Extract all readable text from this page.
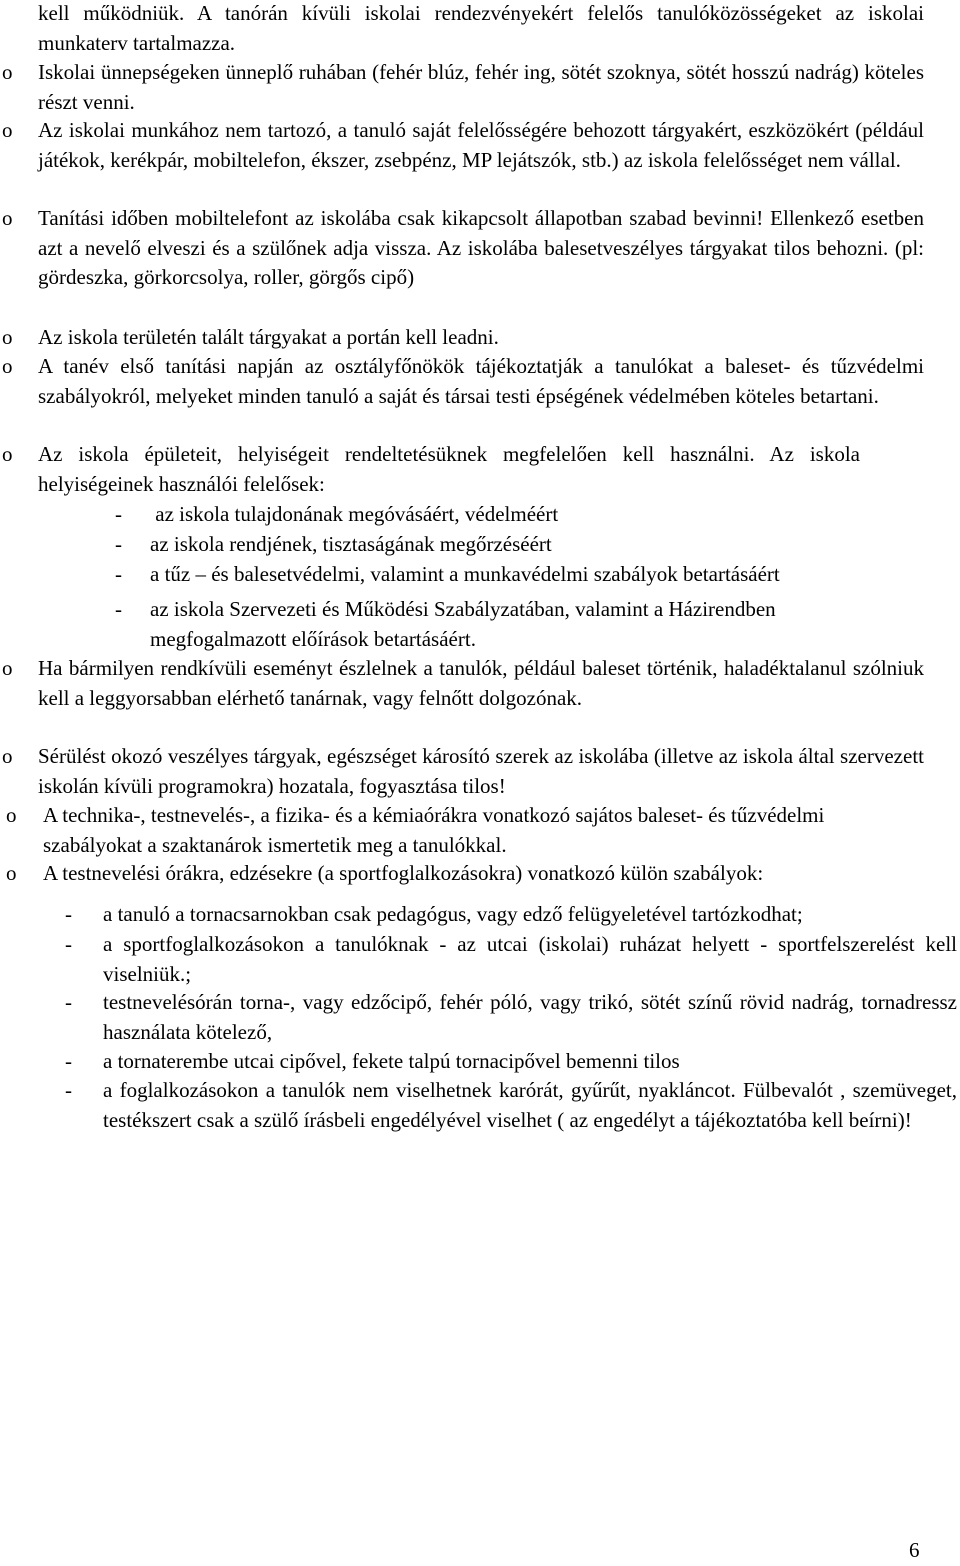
kell működniük. A tanórán kívüli iskolai rendezvényekért felelős tanulóközösségeket az iskolai munkaterv tartalmazza.

o Iskolai ünnepségeken ünneplő ruhában (fehér blúz, fehér ing, sötét szoknya, sötét hosszú nadrág) köteles részt venni.

o Az iskolai munkához nem tartozó, a tanuló saját felelősségére behozott tárgyakért, eszközökért (például játékok, kerékpár, mobiltelefon, ékszer, zsebpénz, MP lejátszók, stb.) az iskola felelősséget nem vállal.

o Tanítási időben mobiltelefont az iskolába csak kikapcsolt állapotban szabad bevinni! Ellenkező esetben azt a nevelő elveszi és a szülőnek adja vissza. Az iskolába balesetveszélyes tárgyakat tilos behozni. (pl: gördeszka, görkorcsolya, roller, görgős cipő)

o Az iskola területén talált tárgyakat a portán kell leadni.

o A tanév első tanítási napján az osztályfőnökök tájékoztatják a tanulókat a baleset- és tűzvédelmi szabályokról, melyeket minden tanuló a saját és társai testi épségének védelmében köteles betartani.

o Az iskola épületeit, helyiségeit rendeltetésüknek megfelelően kell használni. Az iskola helyiségeinek használói felelősek:

- az iskola tulajdonának megóvásáért, védelméért

- az iskola rendjének, tisztaságának megőrzéséért

- a tűz – és balesetvédelmi, valamint a munkavédelmi szabályok betartásáért

- az iskola Szervezeti és Működési Szabályzatában, valamint a Házirendben megfogalmazott előírások betartásáért.

o Ha bármilyen rendkívüli eseményt észlelnek a tanulók, például baleset történik, haladéktalanul szólniuk kell a leggyorsabban elérhető tanárnak, vagy felnőtt dolgozónak.

o Sérülést okozó veszélyes tárgyak, egészséget károsító szerek az iskolába (illetve az iskola által szervezett iskolán kívüli programokra) hozatala, fogyasztása tilos!

o A technika-, testnevelés-, a fizika- és a kémiaórákra vonatkozó sajátos baleset- és tűzvédelmi szabályokat a szaktanárok ismertetik meg a tanulókkal.

o A testnevelési órákra, edzésekre (a sportfoglalkozásokra) vonatkozó külön szabályok:

- a tanuló a tornacsarnokban csak pedagógus, vagy edző felügyeletével tartózkodhat;

- a sportfoglalkozásokon a tanulóknak - az utcai (iskolai) ruházat helyett - sportfelszerelést kell viselniük.;

- testnevelésórán torna-, vagy edzőcipő, fehér póló, vagy trikó, sötét színű rövid nadrág, tornadressz használata kötelező,

- a tornaterembe utcai cipővel, fekete talpú tornacipővel bemenni tilos

- a foglalkozásokon a tanulók nem viselhetnek karórát, gyűrűt, nyakláncot. Fülbevalót , szemüveget, testékszert csak a szülő írásbeli engedélyével viselhet ( az engedélyt a tájékoztatóba kell beírni)!

6
